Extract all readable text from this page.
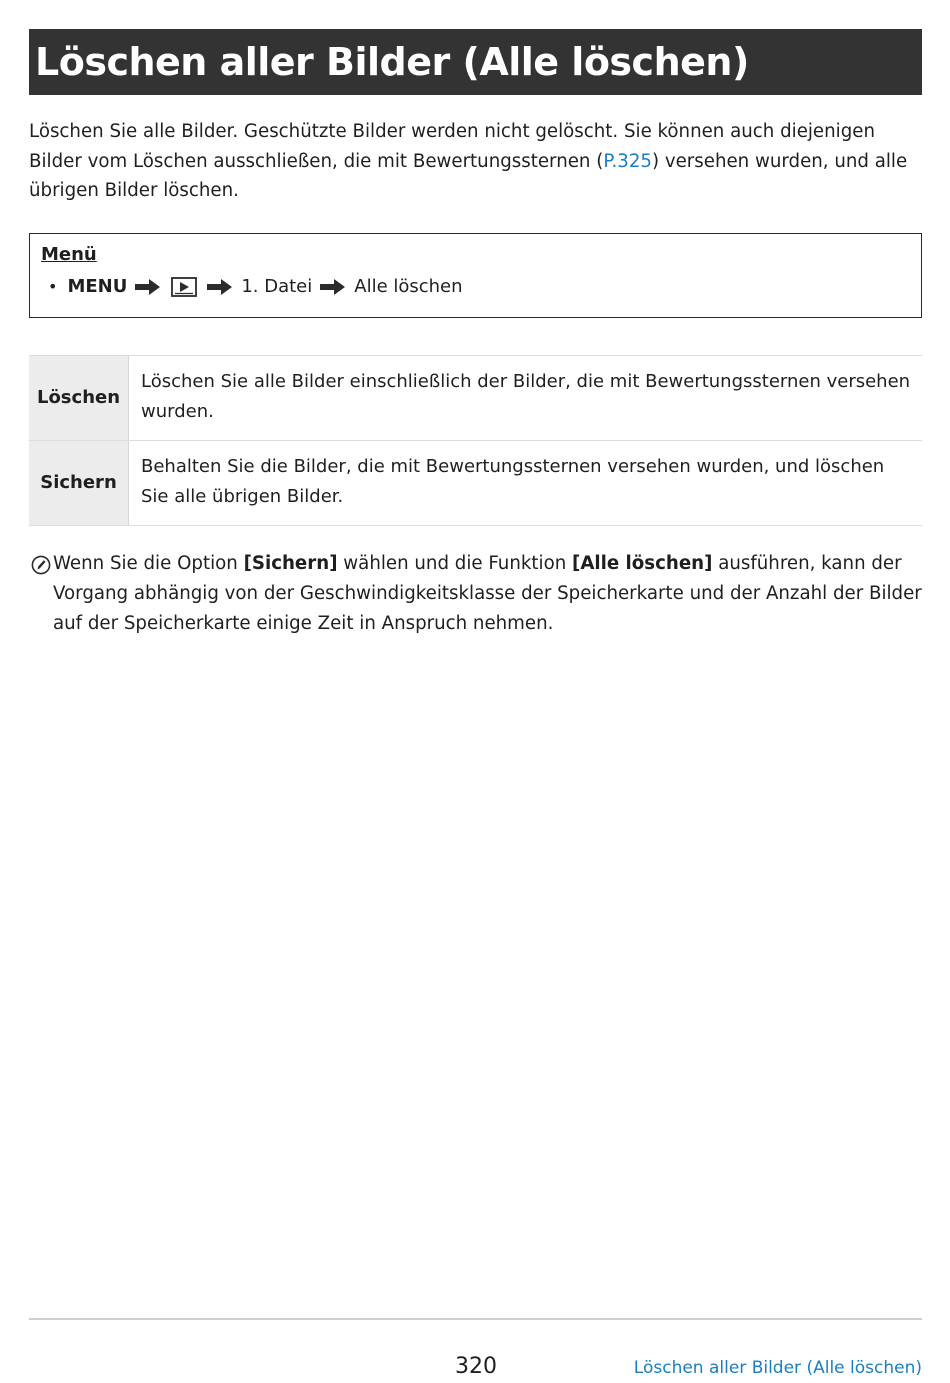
Löschen aller Bilder (Alle löschen)

Löschen Sie alle Bilder. Geschützte Bilder werden nicht gelöscht. Sie können auch diejenigen Bilder vom Löschen ausschließen, die mit Bewertungssternen (P.325) versehen wurden, und alle übrigen Bilder löschen.

Menü
• MENU	1. Datei Alle löschen
Löschen	Löschen Sie alle Bilder einschließlich der Bilder, die mit Bewertungssternen versehen wurden.
Sichern	Behalten Sie die Bilder, die mit Bewertungssternen versehen wurden, und löschen Sie alle übrigen Bilder.

Wenn Sie die Option [Sichern] wählen und die Funktion [Alle löschen] ausführen, kann der Vorgang abhängig von der Geschwindigkeitsklasse der Speicherkarte und der Anzahl der Bilder auf der Speicherkarte einige Zeit in Anspruch nehmen.

320	Löschen aller Bilder (Alle löschen)
